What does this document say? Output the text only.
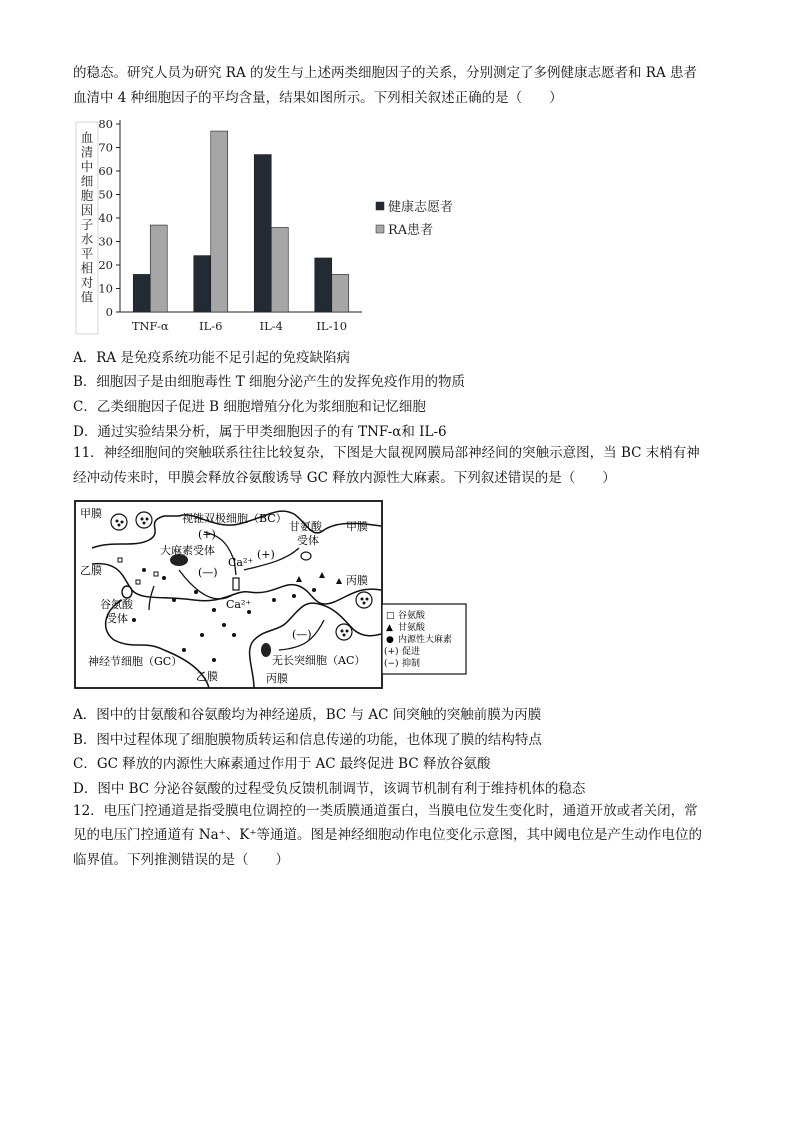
的稳态。研究人员为研究 RA 的发生与上述两类细胞因子的关系，分别测定了多例健康志愿者和 RA 患者
血清中 4 种细胞因子的平均含量，结果如图所示。下列相关叙述正确的是（　　）
血
清
中
细
胞
因
子
水
平
相
对
值
0
10
20
30
40
50
60
70
80
TNF-α	IL-6	IL-4	IL-10
健康志愿者
RA患者
A．RA 是免疫系统功能不足引起的免疫缺陷病
B．细胞因子是由细胞毒性 T 细胞分泌产生的发挥免疫作用的物质
C．乙类细胞因子促进 B 细胞增殖分化为浆细胞和记忆细胞
D．通过实验结果分析，属于甲类细胞因子的有 TNF-α和 IL-6
11．神经细胞间的突触联系往往比较复杂，下图是大鼠视网膜局部神经间的突触示意图，当 BC 末梢有神
经冲动传来时，甲膜会释放谷氨酸诱导 GC 释放内源性大麻素。下列叙述错误的是（　　）
甲膜
甲膜
视锥双极细胞（BC）
(+)
大麻素受体	(+)
甘氨酸
受体
Ca²⁺
(—)
Ca²⁺
乙膜
谷氨酸
受体
丙膜
(—)
神经节细胞（GC）	无长突细胞（AC）
乙膜	丙膜
□ 谷氨酸
▲ 甘氨酸
● 内源性大麻素
(+) 促进
(−) 抑制
A．图中的甘氨酸和谷氨酸均为神经递质，BC 与 AC 间突触的突触前膜为丙膜
B．图中过程体现了细胞膜物质转运和信息传递的功能，也体现了膜的结构特点
C．GC 释放的内源性大麻素通过作用于 AC 最终促进 BC 释放谷氨酸
D．图中 BC 分泌谷氨酸的过程受负反馈机制调节，该调节机制有利于维持机体的稳态
12．电压门控通道是指受膜电位调控的一类质膜通道蛋白，当膜电位发生变化时，通道开放或者关闭，常
见的电压门控通道有 Na⁺、K⁺等通道。图是神经细胞动作电位变化示意图，其中阈电位是产生动作电位的
临界值。下列推测错误的是（　　）
